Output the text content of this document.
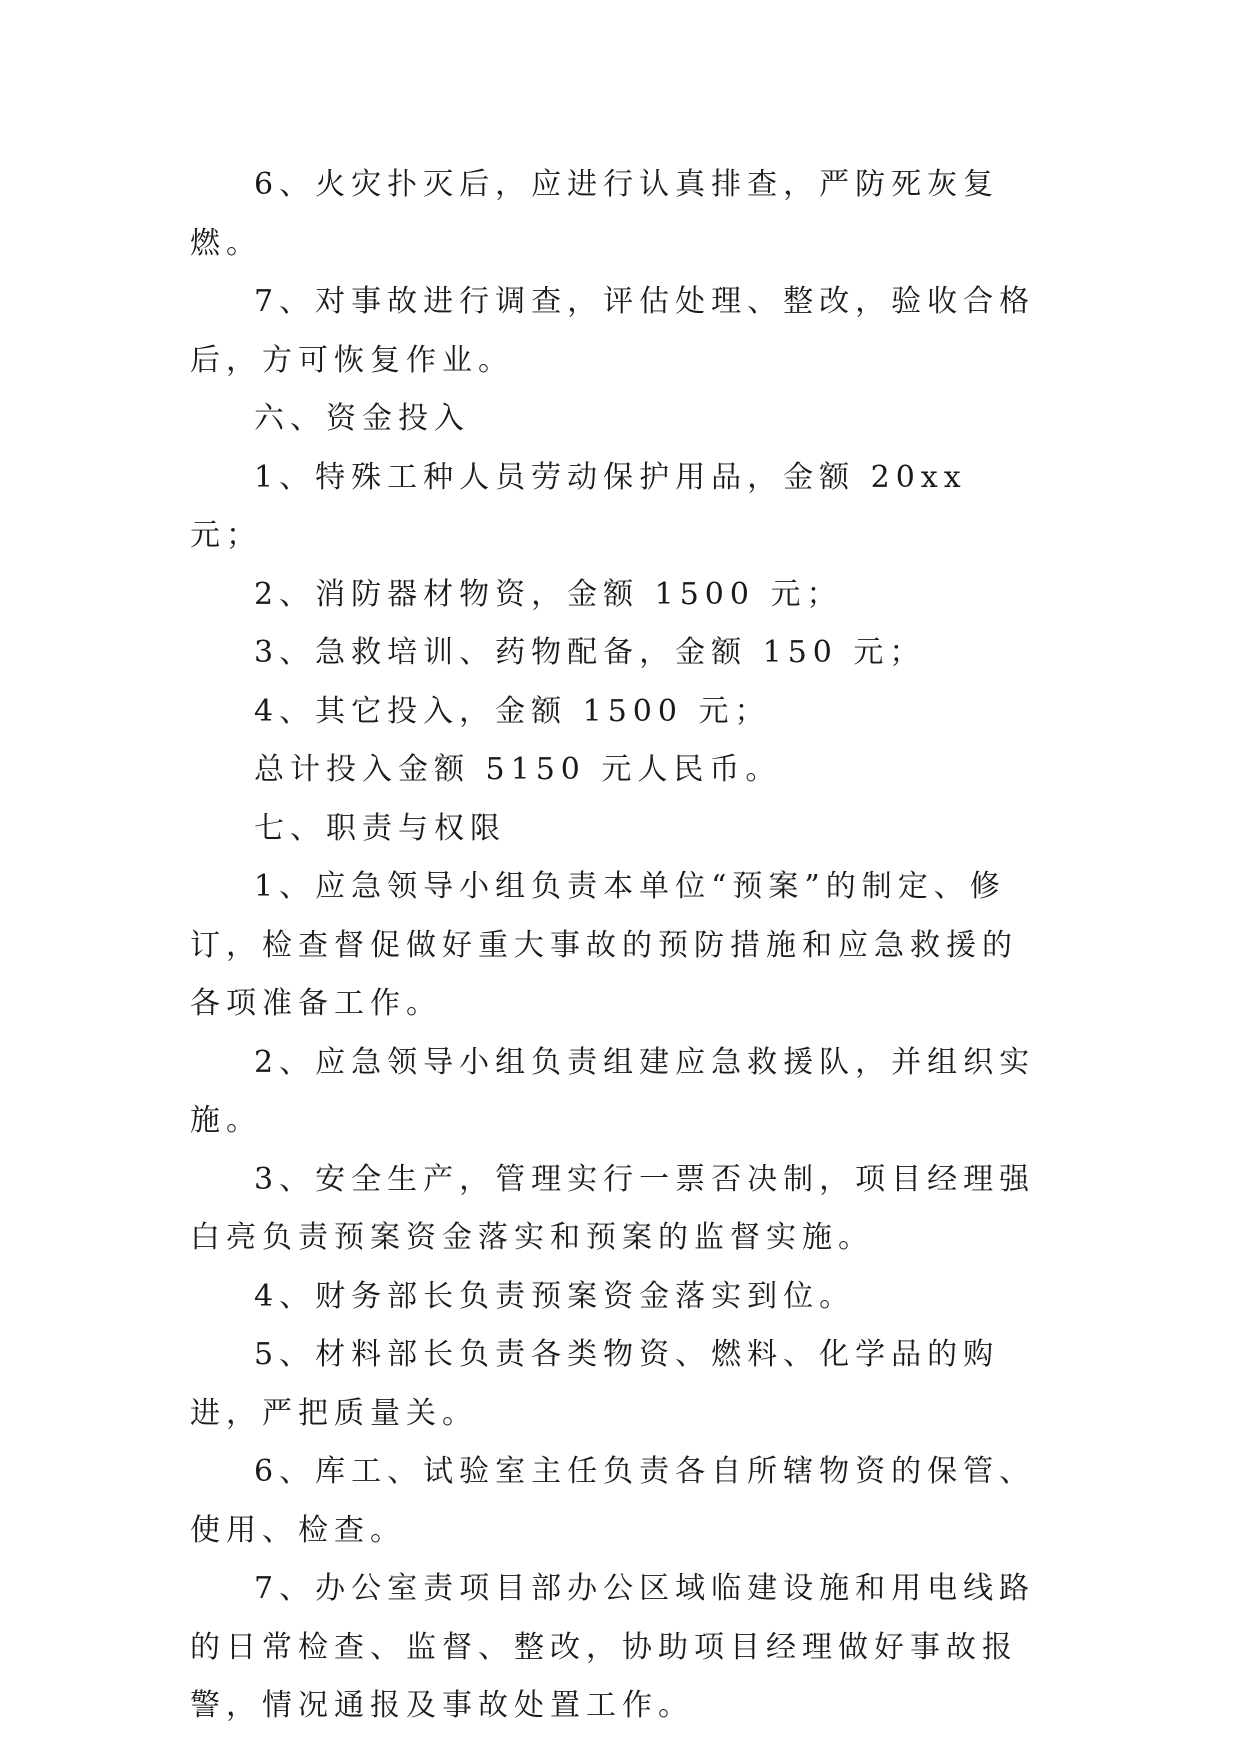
6、火灾扑灭后，应进行认真排查，严防死灰复燃。

7、对事故进行调查，评估处理、整改，验收合格后，方可恢复作业。

六、资金投入

1、特殊工种人员劳动保护用品，金额 20xx 元；

2、消防器材物资，金额 1500 元；

3、急救培训、药物配备，金额 150 元；

4、其它投入，金额 1500 元；

总计投入金额 5150 元人民币。

七、职责与权限

1、应急领导小组负责本单位“预案”的制定、修订，检查督促做好重大事故的预防措施和应急救援的各项准备工作。

2、应急领导小组负责组建应急救援队，并组织实施。

3、安全生产，管理实行一票否决制，项目经理强白亮负责预案资金落实和预案的监督实施。

4、财务部长负责预案资金落实到位。

5、材料部长负责各类物资、燃料、化学品的购进，严把质量关。

6、库工、试验室主任负责各自所辖物资的保管、使用、检查。

7、办公室责项目部办公区域临建设施和用电线路的日常检查、监督、整改，协助项目经理做好事故报警，情况通报及事故处置工作。
